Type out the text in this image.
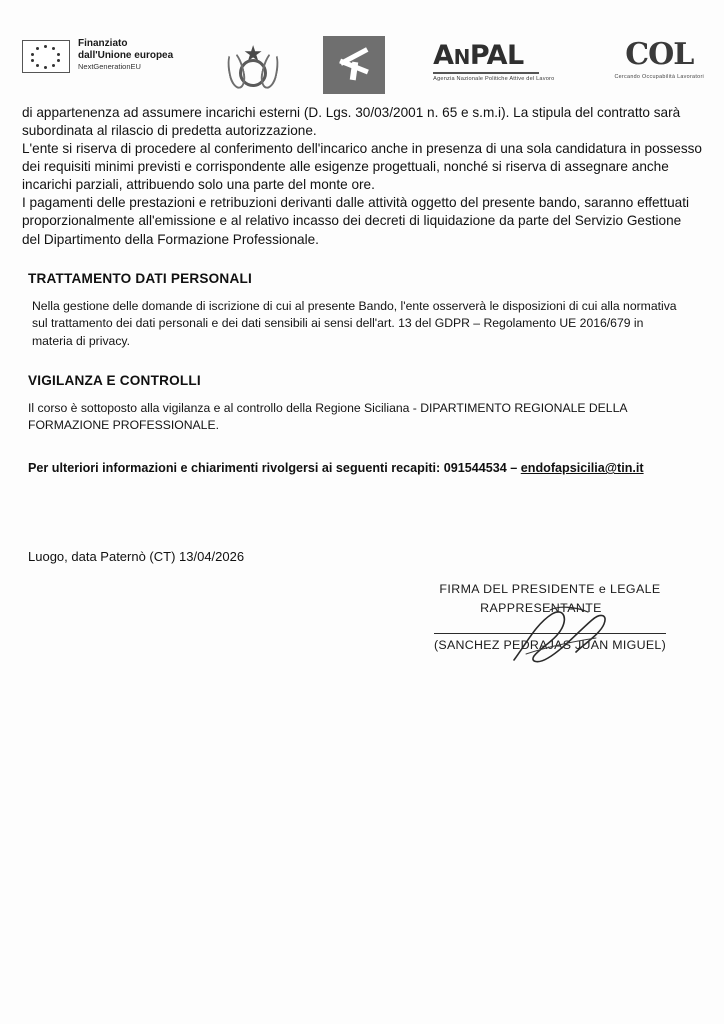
Finanziato
dall'Unione europea
NextGenerationEU
★	ANPAL
Agenzia Nazionale Politiche Attive del Lavoro
COL
Cercando Occupabilità Lavoratori

di appartenenza ad assumere incarichi esterni (D. Lgs. 30/03/2001 n. 65 e s.m.i). La stipula del contratto sarà subordinata al rilascio di predetta autorizzazione.

L'ente si riserva di procedere al conferimento dell'incarico anche in presenza di una sola candidatura in possesso dei requisiti minimi previsti e corrispondente alle esigenze progettuali, nonché si riserva di assegnare anche incarichi parziali, attribuendo solo una parte del monte ore.

I pagamenti delle prestazioni e retribuzioni derivanti dalle attività oggetto del presente bando, saranno effettuati proporzionalmente all'emissione e al relativo incasso dei decreti di liquidazione da parte del Servizio Gestione del Dipartimento della Formazione Professionale.

TRATTAMENTO DATI PERSONALI

Nella gestione delle domande di iscrizione di cui al presente Bando, l'ente osserverà le disposizioni di cui alla normativa sul trattamento dei dati personali e dei dati sensibili ai sensi dell'art. 13 del GDPR – Regolamento UE 2016/679 in materia di privacy.

VIGILANZA E CONTROLLI

Il corso è sottoposto alla vigilanza e al controllo della Regione Siciliana - DIPARTIMENTO REGIONALE DELLA FORMAZIONE PROFESSIONALE.

Per ulteriori informazioni e chiarimenti rivolgersi ai seguenti recapiti: 091544534 – endofapsicilia@tin.it
Luogo, data Paternò (CT) 13/04/2026
FIRMA DEL PRESIDENTE e LEGALE
RAPPRESENTANTE
(SANCHEZ PEDRAJAS JUAN MIGUEL)
